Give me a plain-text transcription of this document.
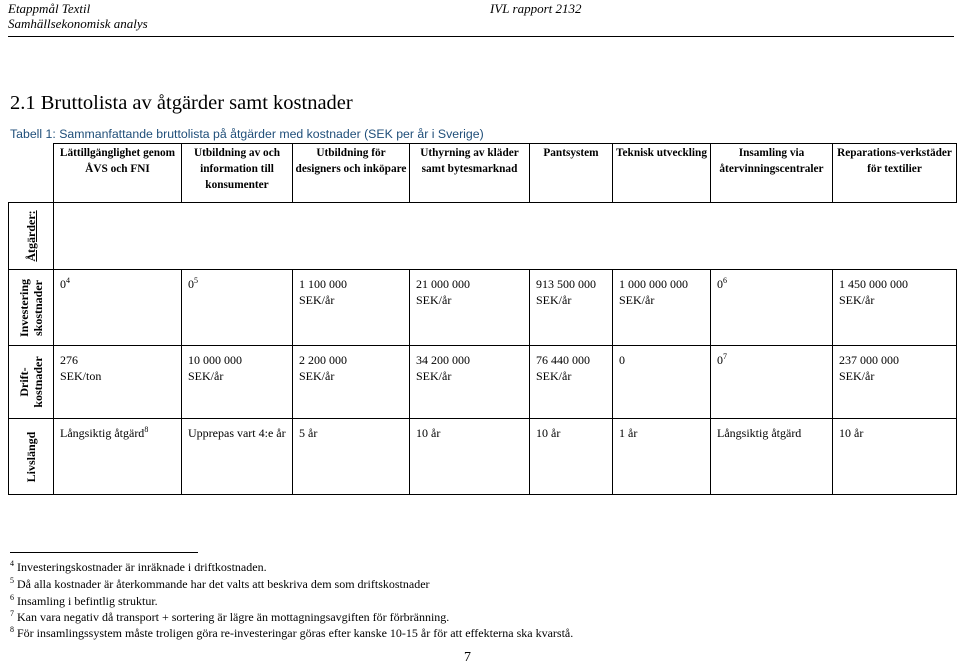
Etappmål Textil
Samhällsekonomisk analys
IVL rapport 2132
2.1 Bruttolista av åtgärder samt kostnader
Tabell 1: Sammanfattande bruttolista på åtgärder med kostnader (SEK per år i Sverige)

	Lättillgänglighet genom ÅVS och FNI	Utbildning av och information till konsumenter	Utbildning för designers och inköpare	Uthyrning av kläder samt bytesmarknad	Pantsystem	Teknisk utveckling	Insamling via återvinningscentraler	Reparations-verkstäder för textilier

Åtgärder:								

Investering skostnader	$0^4$	$0^5$	1 100 000 SEK/år	21 000 000 SEK/år	913 500 000 SEK/år	1 000 000 000 SEK/år	$0^6$	1 450 000 000 SEK/år

Drift-kostnader	276 SEK/ton	10 000 000 SEK/år	2 200 000 SEK/år	34 200 000 SEK/år	76 440 000 SEK/år	0	$0^7$	237 000 000 SEK/år

Livslängd	Långsiktig åtgärd$^8$	Upprepas vart 4:e år	5 år	10 år	10 år	1 år	Långsiktig åtgärd	10 år
$^4$ Investeringskostnader är inräknade i driftkostnaden.
$^5$ Då alla kostnader är återkommande har det valts att beskriva dem som driftskostnader
$^6$ Insamling i befintlig struktur.
$^7$ Kan vara negativ då transport + sortering är lägre än mottagningsavgiften för förbränning.
$^8$ För insamlingssystem måste troligen göra re-investeringar göras efter kanske 10-15 år för att effekterna ska kvarstå.
7
